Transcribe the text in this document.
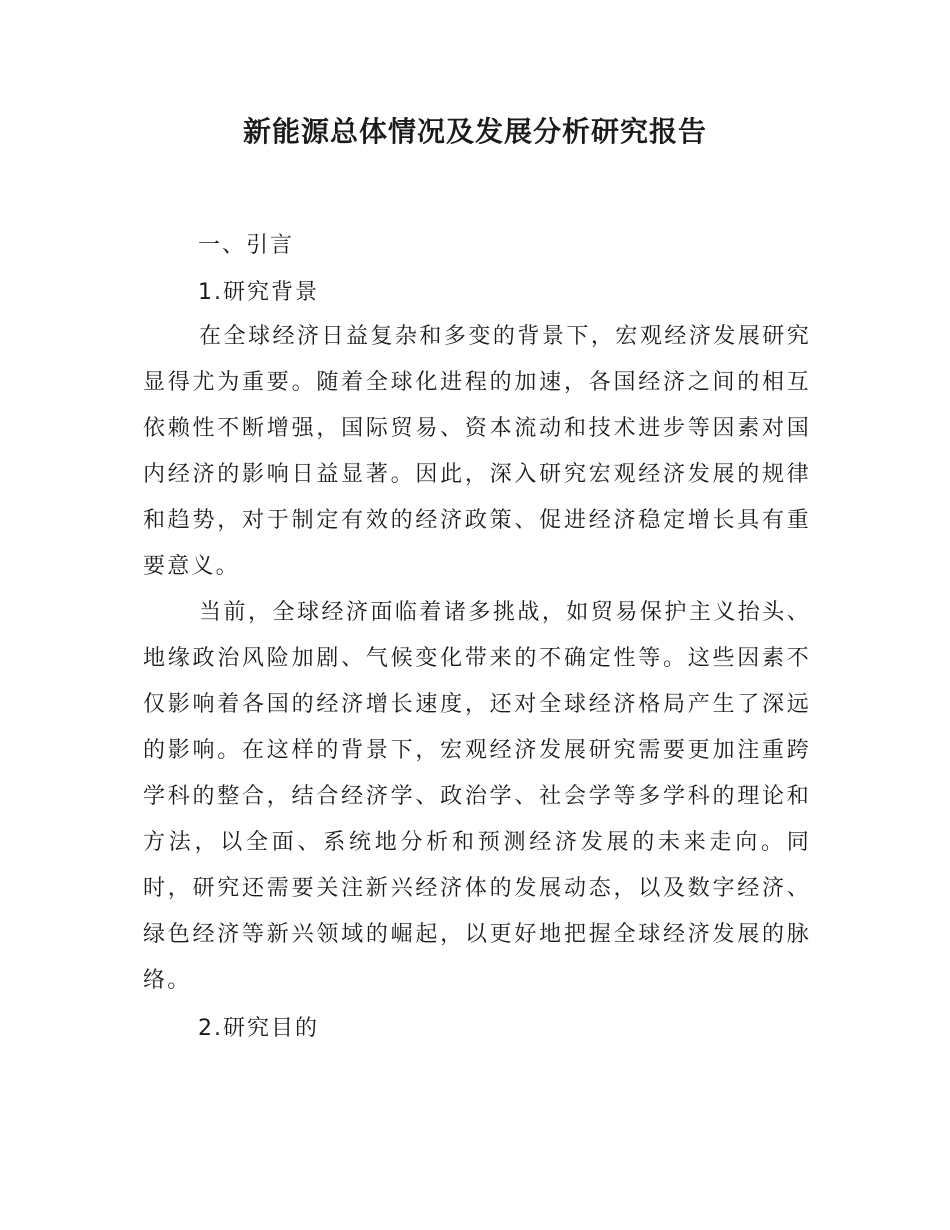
新能源总体情况及发展分析研究报告
一、引言
1.研究背景

在全球经济日益复杂和多变的背景下，宏观经济发展研究显得尤为重要。随着全球化进程的加速，各国经济之间的相互依赖性不断增强，国际贸易、资本流动和技术进步等因素对国内经济的影响日益显著。因此，深入研究宏观经济发展的规律和趋势，对于制定有效的经济政策、促进经济稳定增长具有重要意义。

当前，全球经济面临着诸多挑战，如贸易保护主义抬头、地缘政治风险加剧、气候变化带来的不确定性等。这些因素不仅影响着各国的经济增长速度，还对全球经济格局产生了深远的影响。在这样的背景下，宏观经济发展研究需要更加注重跨学科的整合，结合经济学、政治学、社会学等多学科的理论和方法，以全面、系统地分析和预测经济发展的未来走向。同时，研究还需要关注新兴经济体的发展动态，以及数字经济、绿色经济等新兴领域的崛起，以更好地把握全球经济发展的脉络。

2.研究目的
